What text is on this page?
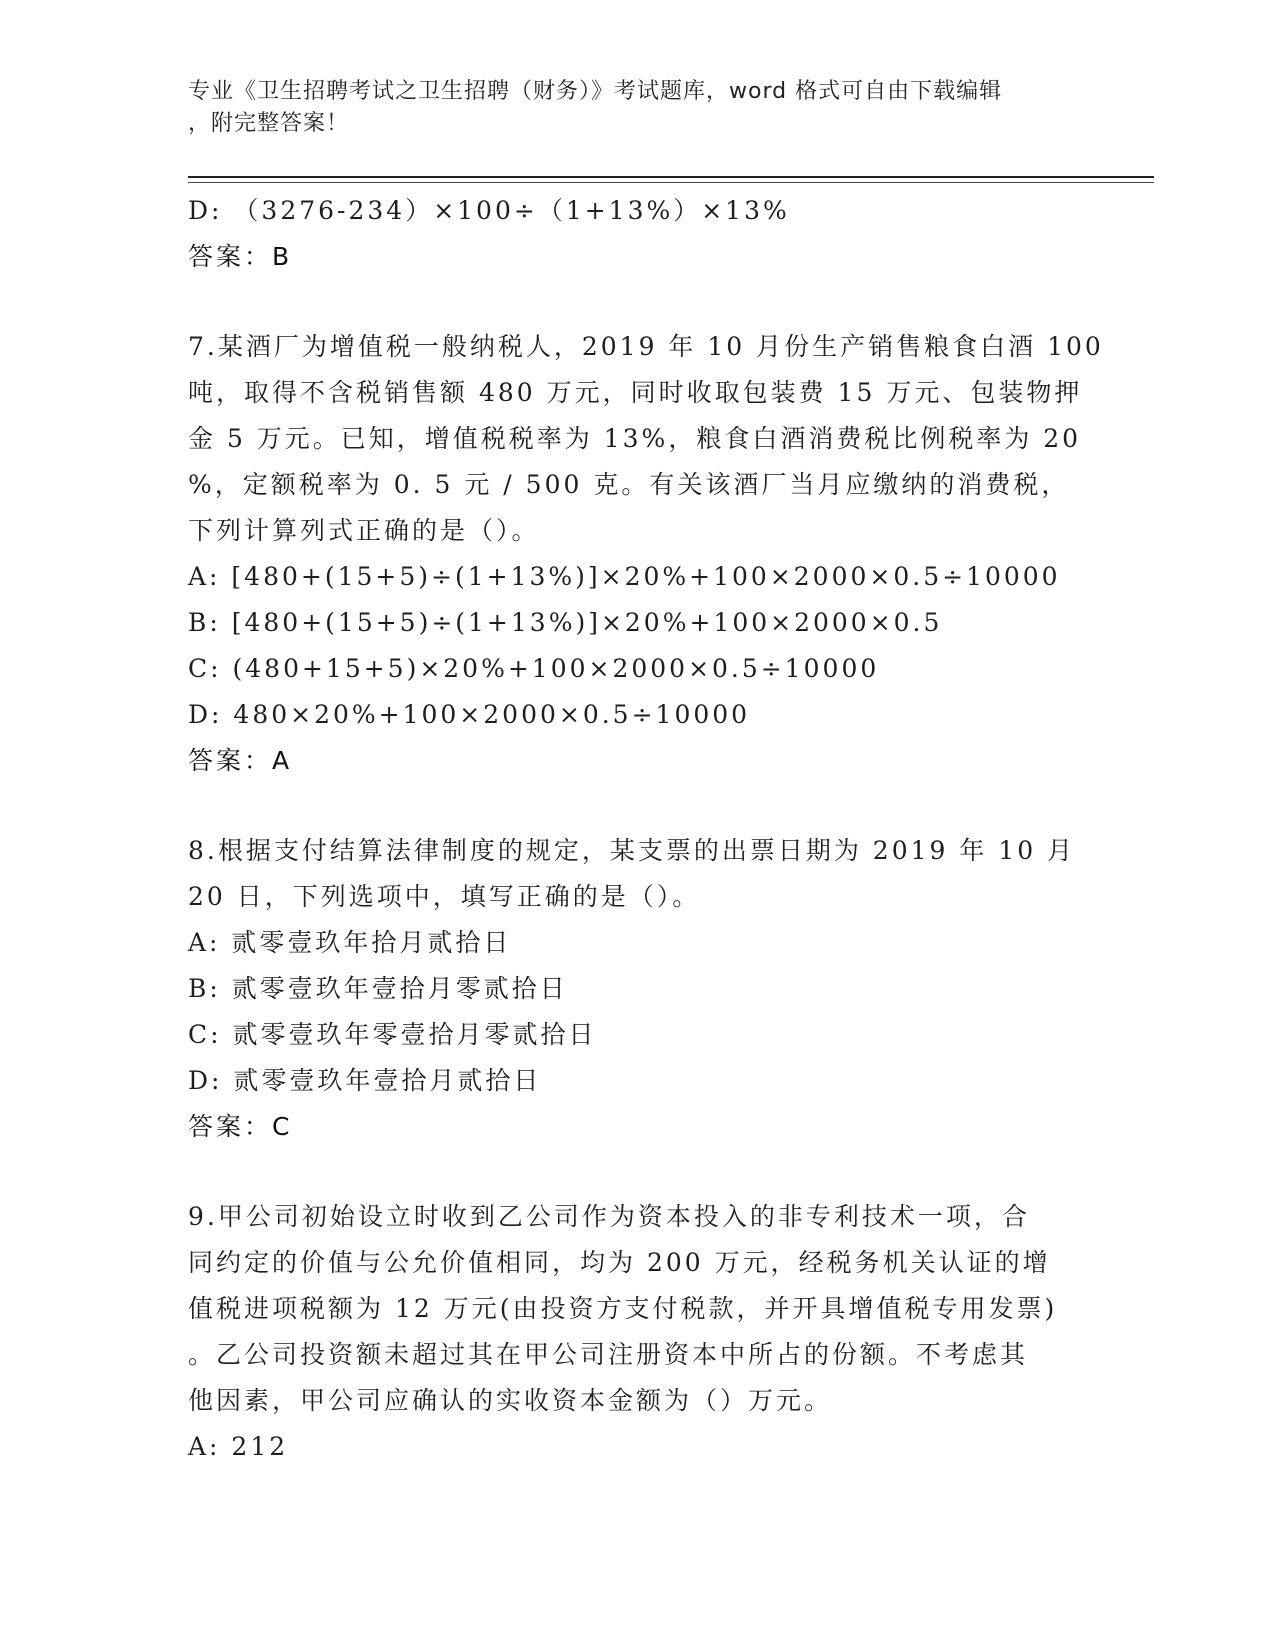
专业《卫生招聘考试之卫生招聘（财务）》考试题库，word 格式可自由下载编辑
，附完整答案！
D: （3276-234）×100÷（1+13%）×13%
答案：B
7.某酒厂为增值税一般纳税人，2019 年 10 月份生产销售粮食白酒 100
吨，取得不含税销售额 480 万元，同时收取包装费 15 万元、包装物押
金 5 万元。已知，增值税税率为 13%，粮食白酒消费税比例税率为 20
%，定额税率为 0. 5 元 / 500 克。有关该酒厂当月应缴纳的消费税，
下列计算列式正确的是（）。
A: [480+(15+5)÷(1+13%)]×20%+100×2000×0.5÷10000
B: [480+(15+5)÷(1+13%)]×20%+100×2000×0.5
C: (480+15+5)×20%+100×2000×0.5÷10000
D: 480×20%+100×2000×0.5÷10000
答案：A
8.根据支付结算法律制度的规定，某支票的出票日期为 2019 年 10 月
20 日，下列选项中，填写正确的是（）。
A: 贰零壹玖年拾月贰拾日
B: 贰零壹玖年壹拾月零贰拾日
C: 贰零壹玖年零壹拾月零贰拾日
D: 贰零壹玖年壹拾月贰拾日
答案：C
9.甲公司初始设立时收到乙公司作为资本投入的非专利技术一项，合
同约定的价值与公允价值相同，均为 200 万元，经税务机关认证的增
值税进项税额为 12 万元(由投资方支付税款，并开具增值税专用发票)
。乙公司投资额未超过其在甲公司注册资本中所占的份额。不考虑其
他因素，甲公司应确认的实收资本金额为（）万元。
A: 212
